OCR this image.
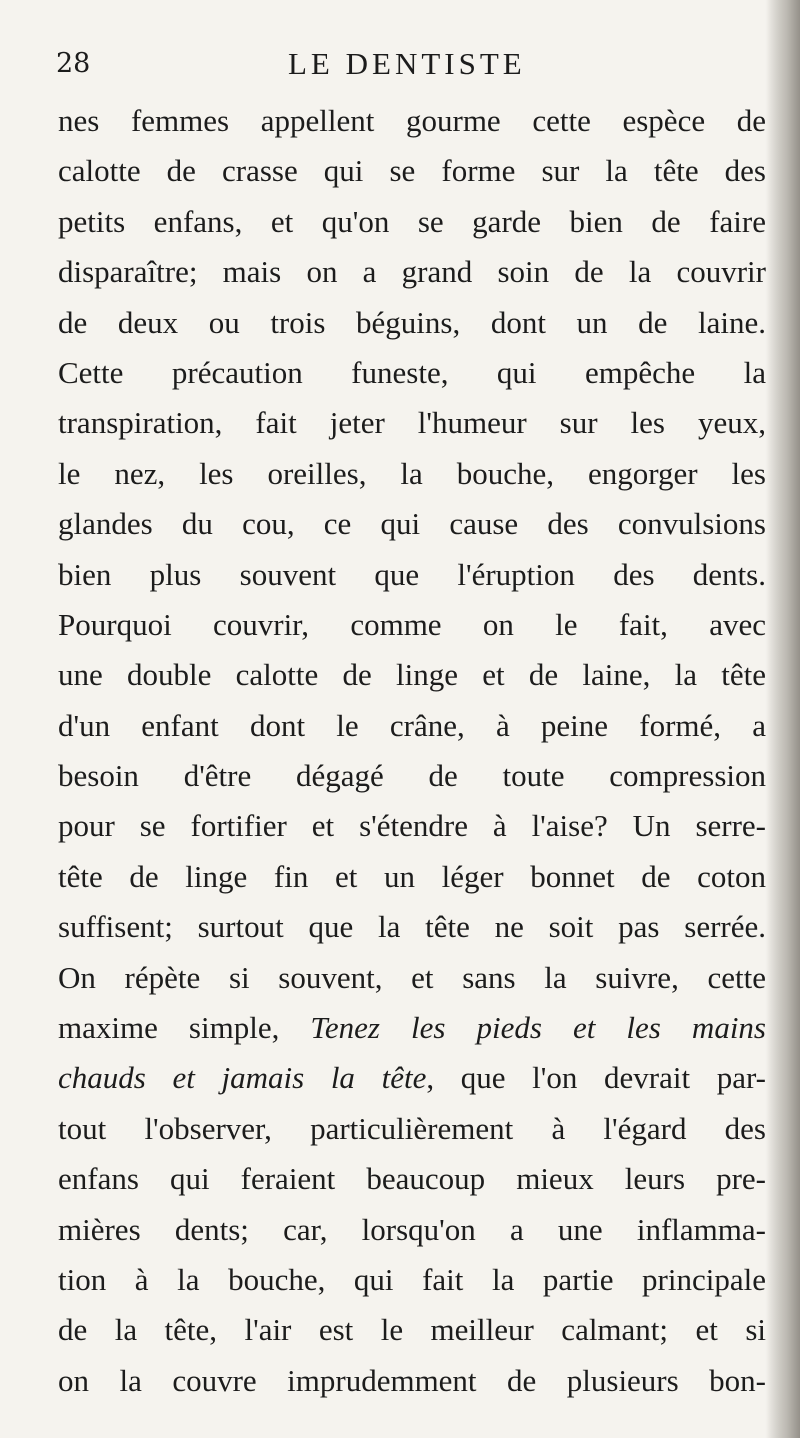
28	LE DENTISTE
nes femmes appellent gourme cette espèce de
calotte de crasse qui se forme sur la tête des
petits enfans, et qu'on se garde bien de faire
disparaître; mais on a grand soin de la couvrir
de deux ou trois béguins, dont un de laine.
Cette précaution funeste, qui empêche la
transpiration, fait jeter l'humeur sur les yeux,
le nez, les oreilles, la bouche, engorger les
glandes du cou, ce qui cause des convulsions
bien plus souvent que l'éruption des dents.
Pourquoi couvrir, comme on le fait, avec
une double calotte de linge et de laine, la tête
d'un enfant dont le crâne, à peine formé, a
besoin d'être dégagé de toute compression
pour se fortifier et s'étendre à l'aise? Un serre-
tête de linge fin et un léger bonnet de coton
suffisent; surtout que la tête ne soit pas serrée.
On répète si souvent, et sans la suivre, cette
maxime simple, Tenez les pieds et les mains
chauds et jamais la tête, que l'on devrait par-
tout l'observer, particulièrement à l'égard des
enfans qui feraient beaucoup mieux leurs pre-
mières dents; car, lorsqu'on a une inflamma-
tion à la bouche, qui fait la partie principale
de la tête, l'air est le meilleur calmant; et si
on la couvre imprudemment de plusieurs bon-
